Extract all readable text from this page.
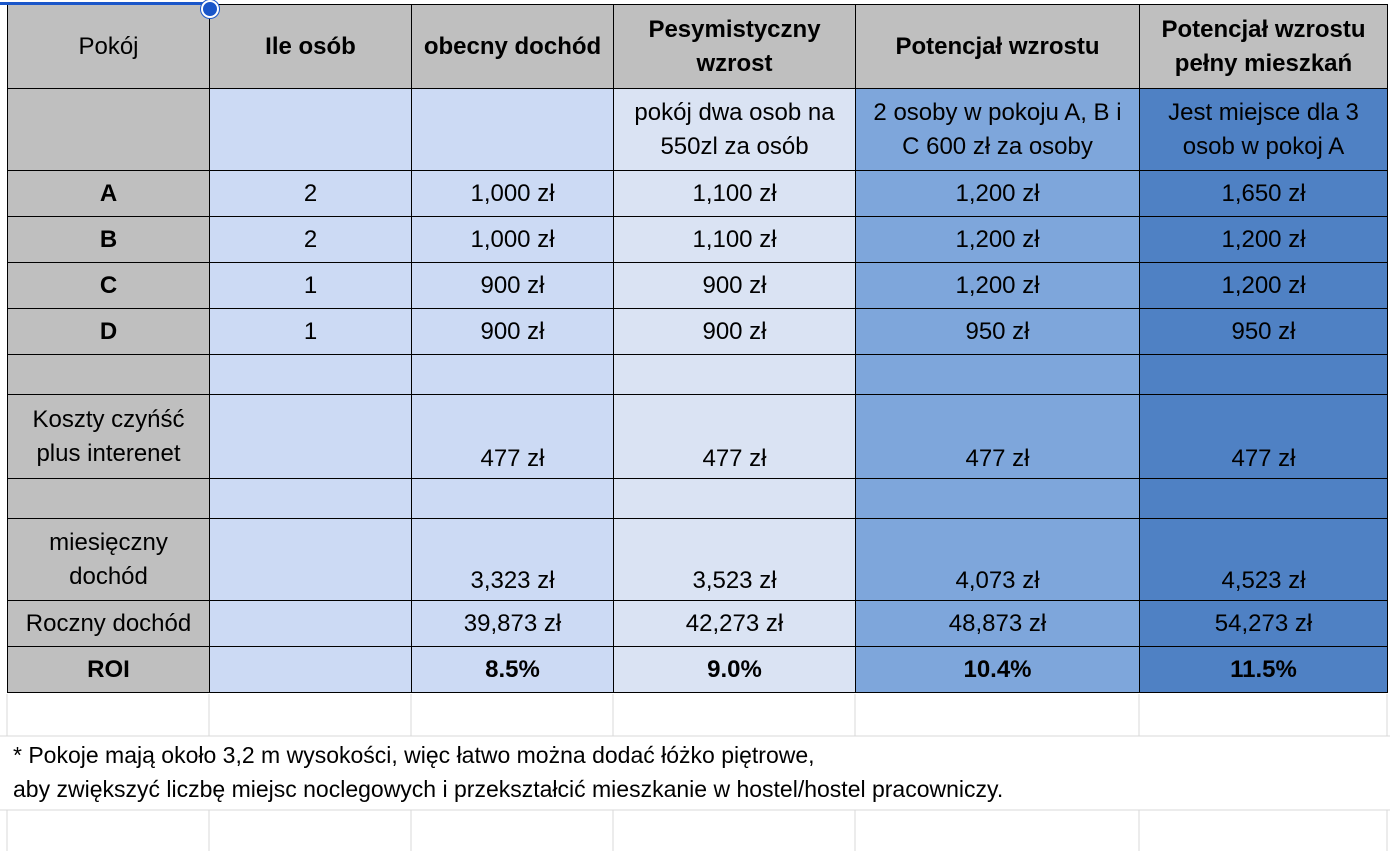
Pokój	Ile osób	obecny dochód	Pesymistyczny wzrost	Potencjał wzrostu	Potencjał wzrostu pełny mieszkań
			pokój dwa osob na 550zl za osób	2 osoby w pokoju A, B i C 600 zł za osoby	Jest miejsce dla 3 osob w pokoj A
A	2	1,000 zł	1,100 zł	1,200 zł	1,650 zł
B	2	1,000 zł	1,100 zł	1,200 zł	1,200 zł
C	1	900 zł	900 zł	1,200 zł	1,200 zł
D	1	900 zł	900 zł	950 zł	950 zł

Koszty czyńść plus interenet		477 zł	477 zł	477 zł	477 zł

miesięczny dochód		3,323 zł	3,523 zł	4,073 zł	4,523 zł
Roczny dochód		39,873 zł	42,273 zł	48,873 zł	54,273 zł
ROI		8.5%	9.0%	10.4%	11.5%
* Pokoje mają około 3,2 m wysokości, więc łatwo można dodać łóżko piętrowe,
aby zwiększyć liczbę miejsc noclegowych i przekształcić mieszkanie w hostel/hostel pracowniczy.
